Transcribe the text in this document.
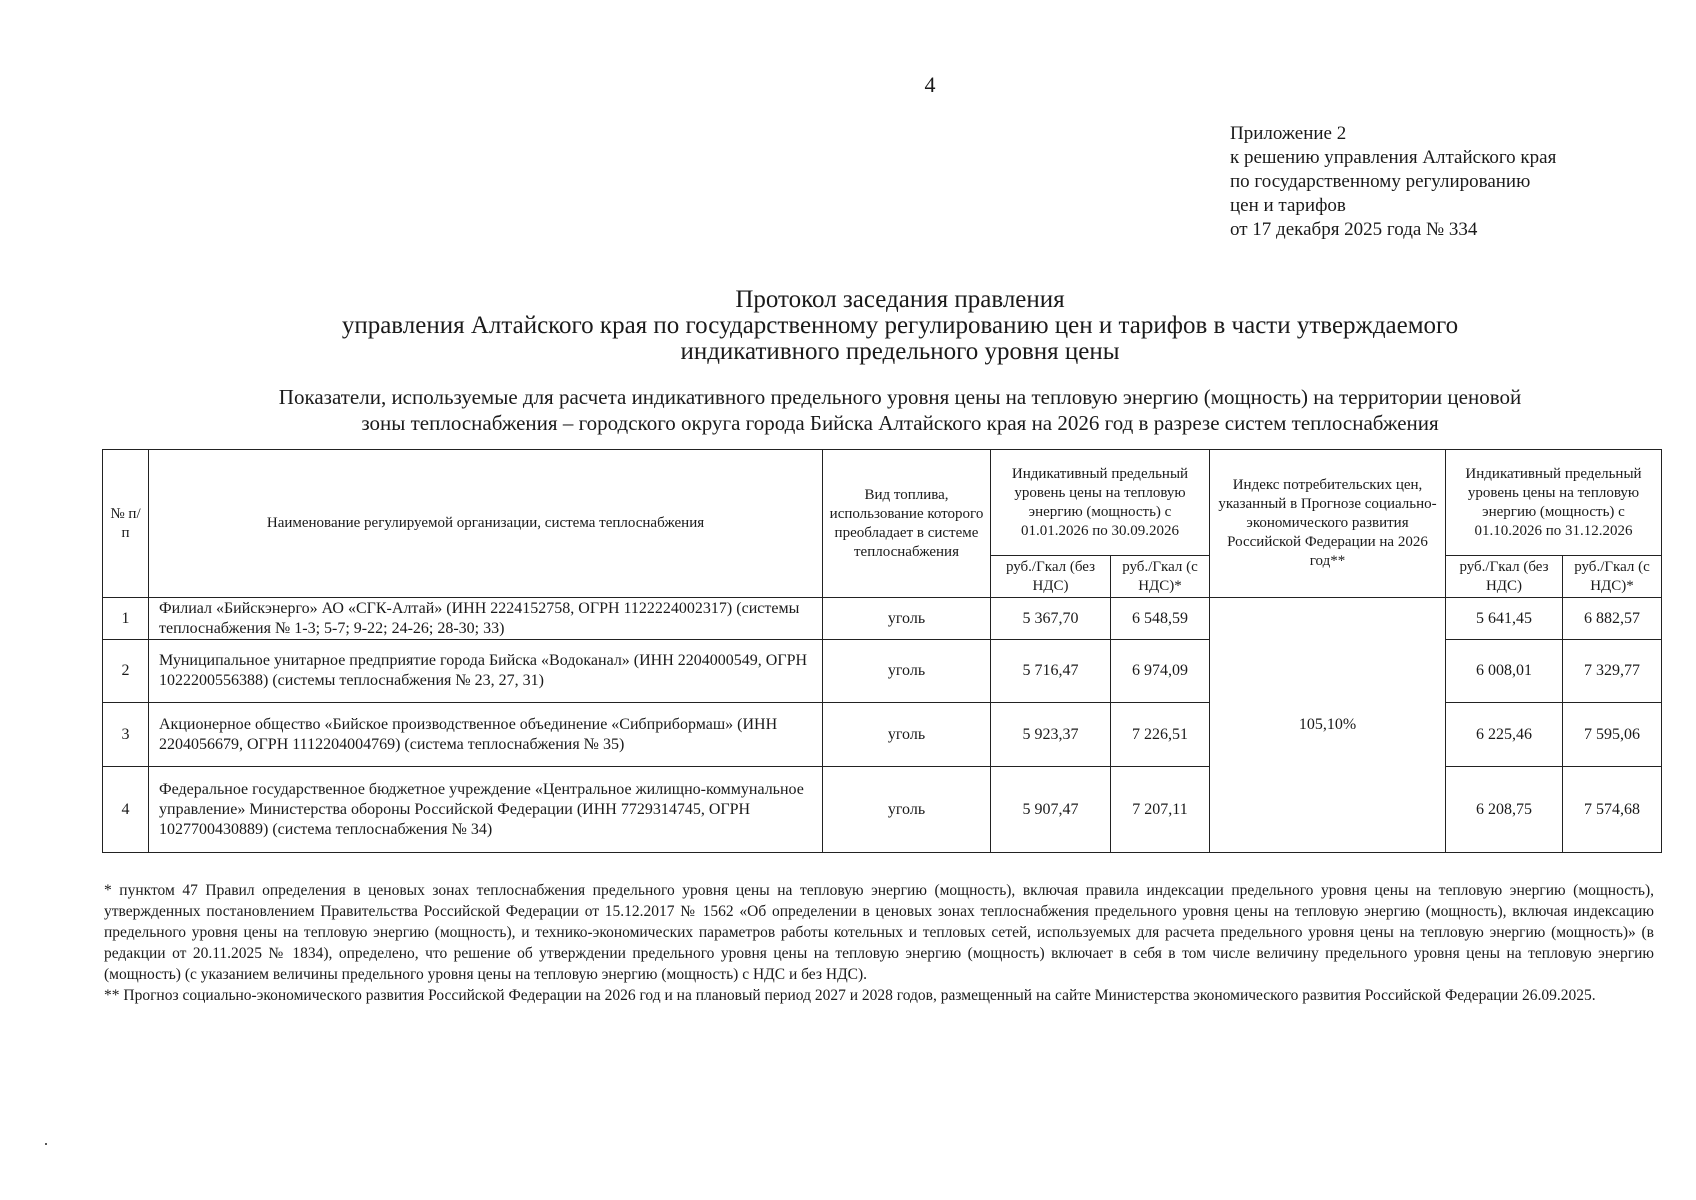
4
Приложение 2
к решению управления Алтайского края
по государственному регулированию
цен и тарифов
от 17 декабря 2025 года № 334
Протокол заседания правления
управления Алтайского края по государственному регулированию цен и тарифов в части утверждаемого
индикативного предельного уровня цены
Показатели, используемые для расчета индикативного предельного уровня цены на тепловую энергию (мощность) на территории ценовой
зоны теплоснабжения – городского округа города Бийска Алтайского края на 2026 год в разрезе систем теплоснабжения
№ п/п	Наименование регулируемой организации, система теплоснабжения	Вид топлива, использование которого преобладает в системе теплоснабжения	Индикативный предельный уровень цены на тепловую энергию (мощность) с 01.01.2026 по 30.09.2026		Индекс потребительских цен, указанный в Прогнозе социально-экономического развития Российской Федерации на 2026 год**	Индикативный предельный уровень цены на тепловую энергию (мощность) с 01.10.2026 по 31.12.2026	
			руб./Гкал (без НДС)	руб./Гкал (с НДС)*		руб./Гкал (без НДС)	руб./Гкал (с НДС)*
1	Филиал «Бийскэнерго» АО «СГК-Алтай» (ИНН 2224152758, ОГРН 1122224002317) (системы теплоснабжения № 1-3; 5-7; 9-22; 24-26; 28-30; 33)	уголь	5 367,70	6 548,59	105,10%	5 641,45	6 882,57
2	Муниципальное унитарное предприятие города Бийска «Водоканал» (ИНН 2204000549, ОГРН 1022200556388) (системы теплоснабжения № 23, 27, 31)	уголь	5 716,47	6 974,09		6 008,01	7 329,77
3	Акционерное общество «Бийское производственное объединение «Сибприбормаш» (ИНН 2204056679, ОГРН 1112204004769) (система теплоснабжения № 35)	уголь	5 923,37	7 226,51		6 225,46	7 595,06
4	Федеральное государственное бюджетное учреждение «Центральное жилищно-коммунальное управление» Министерства обороны Российской Федерации (ИНН 7729314745, ОГРН 1027700430889) (система теплоснабжения № 34)	уголь	5 907,47	7 207,11		6 208,75	7 574,68

* пунктом 47 Правил определения в ценовых зонах теплоснабжения предельного уровня цены на тепловую энергию (мощность), включая правила индексации предельного уровня цены на тепловую энергию (мощность), утвержденных постановлением Правительства Российской Федерации от 15.12.2017 № 1562 «Об определении в ценовых зонах теплоснабжения предельного уровня цены на тепловую энергию (мощность), включая индексацию предельного уровня цены на тепловую энергию (мощность), и технико-экономических параметров работы котельных и тепловых сетей, используемых для расчета предельного уровня цены на тепловую энергию (мощность)» (в редакции от 20.11.2025 № 1834), определено, что решение об утверждении предельного уровня цены на тепловую энергию (мощность) включает в себя в том числе величину предельного уровня цены на тепловую энергию (мощность) (с указанием величины предельного уровня цены на тепловую энергию (мощность) с НДС и без НДС).

** Прогноз социально-экономического развития Российской Федерации на 2026 год и на плановый период 2027 и 2028 годов, размещенный на сайте Министерства экономического развития Российской Федерации 26.09.2025.
